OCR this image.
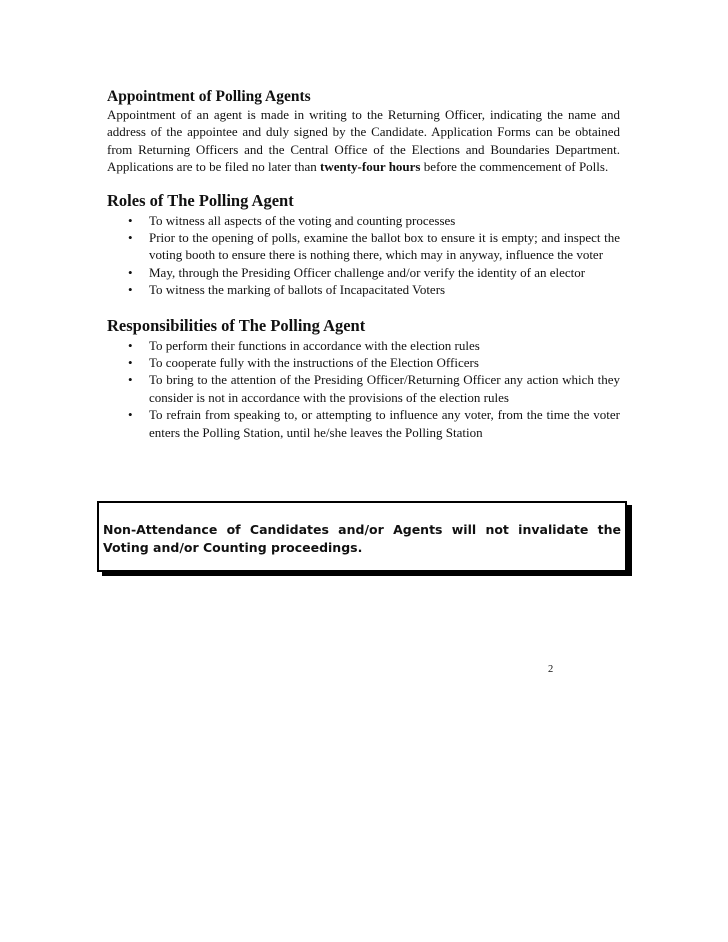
Appointment of Polling Agents

Appointment of an agent is made in writing to the Returning Officer, indicating the name and address of the appointee and duly signed by the Candidate. Application Forms can be obtained from Returning Officers and the Central Office of the Elections and Boundaries Department. Applications are to be filed no later than twenty-four hours before the commencement of Polls.

Roles of The Polling Agent
• To witness all aspects of the voting and counting processes
• Prior to the opening of polls, examine the ballot box to ensure it is empty; and inspect the voting booth to ensure there is nothing there, which may in anyway, influence the voter
• May, through the Presiding Officer challenge and/or verify the identity of an elector
• To witness the marking of ballots of Incapacitated Voters
Responsibilities of The Polling Agent
• To perform their functions in accordance with the election rules
• To cooperate fully with the instructions of the Election Officers
• To bring to the attention of the Presiding Officer/Returning Officer any action which they consider is not in accordance with the provisions of the election rules
• To refrain from speaking to, or attempting to influence any voter, from the time the voter enters the Polling Station, until he/she leaves the Polling Station
Non-Attendance of Candidates and/or Agents will not invalidate the Voting and/or Counting proceedings.
2
